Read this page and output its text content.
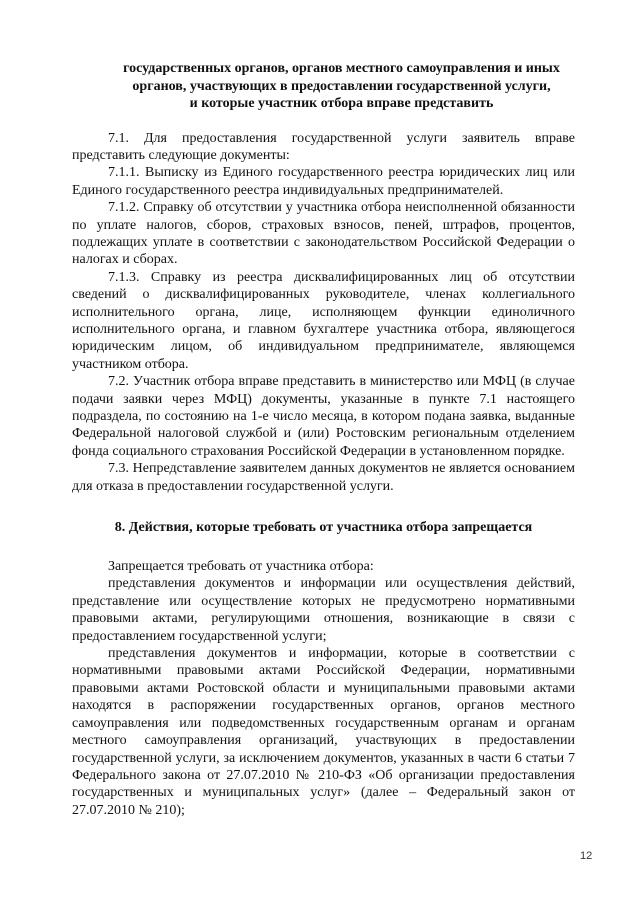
государственных органов, органов местного самоуправления и иных

органов, участвующих в предоставлении государственной услуги,

и которые участник отбора вправе представить

7.1. Для предоставления государственной услуги заявитель вправе представить следующие документы:

7.1.1. Выписку из Единого государственного реестра юридических лиц или Единого государственного реестра индивидуальных предпринимателей.

7.1.2. Справку об отсутствии у участника отбора неисполненной обязанности по уплате налогов, сборов, страховых взносов, пеней, штрафов, процентов, подлежащих уплате в соответствии с законодательством Российской Федерации о налогах и сборах.

7.1.3. Справку из реестра дисквалифицированных лиц об отсутствии сведений о дисквалифицированных руководителе, членах коллегиального исполнительного органа, лице, исполняющем функции единоличного исполнительного органа, и главном бухгалтере участника отбора, являющегося юридическим лицом, об индивидуальном предпринимателе, являющемся участником отбора.

7.2. Участник отбора вправе представить в министерство или МФЦ (в случае подачи заявки через МФЦ) документы, указанные в пункте 7.1 настоящего подраздела, по состоянию на 1-е число месяца, в котором подана заявка, выданные Федеральной налоговой службой и (или) Ростовским региональным отделением фонда социального страхования Российской Федерации в установленном порядке.

7.3. Непредставление заявителем данных документов не является основанием для отказа в предоставлении государственной услуги.

8. Действия, которые требовать от участника отбора запрещается

Запрещается требовать от участника отбора:

представления документов и информации или осуществления действий, представление или осуществление которых не предусмотрено нормативными правовыми актами, регулирующими отношения, возникающие в связи с предоставлением государственной услуги;

представления документов и информации, которые в соответствии с нормативными правовыми актами Российской Федерации, нормативными правовыми актами Ростовской области и муниципальными правовыми актами находятся в распоряжении государственных органов, органов местного самоуправления или подведомственных государственным органам и органам местного самоуправления организаций, участвующих в предоставлении государственной услуги, за исключением документов, указанных в части 6 статьи 7 Федерального закона от 27.07.2010 № 210-ФЗ «Об организации предоставления государственных и муниципальных услуг» (далее – Федеральный закон от 27.07.2010 № 210);

12
